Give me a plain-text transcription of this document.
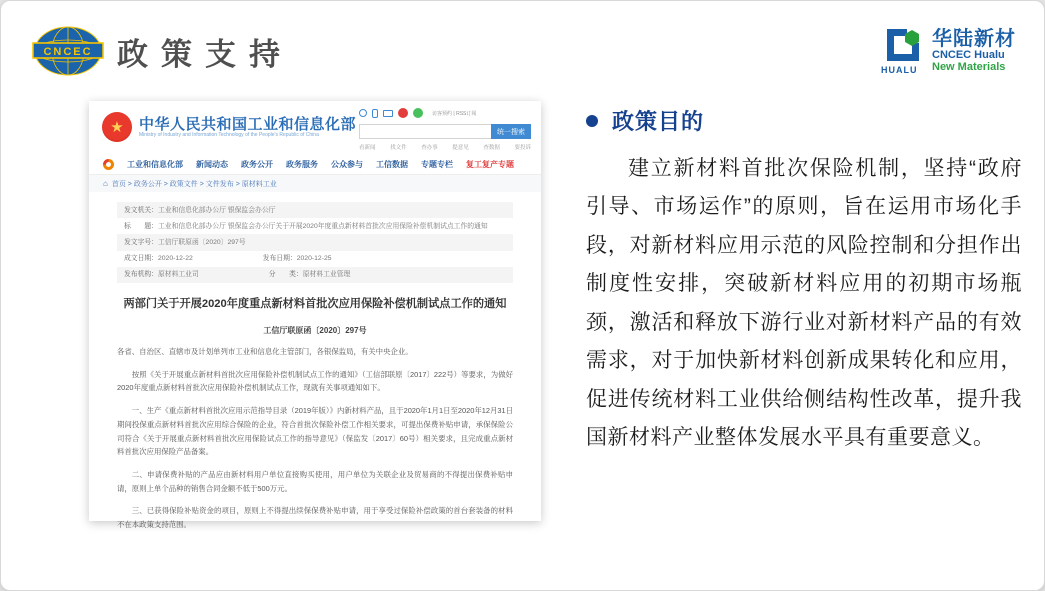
CNCEC 政策支持	HUALU
华陆新材
CNCEC Hualu
New Materials
★	中华人民共和国工业和信息化部
Ministry of Industry and Information Technology of the People's Republic of China
访客预约 | RSS订阅
统一搜索
看新闻	找文件	查办事	提意见	查数据	要投诉
工业和信息化部 新闻动态 政务公开 政务服务 公众参与 工信数据 专题专栏 复工复产专题
⌂ 首页 > 政务公开 > 政策文件 > 文件发布 > 原材料工业
发文机关： 工业和信息化部办公厅 银保监会办公厅
标　　题： 工业和信息化部办公厅 银保监会办公厅关于开展2020年度重点新材料首批次应用保险补偿机制试点工作的通知
发文字号： 工信厅联原函〔2020〕297号
成文日期： 2020-12-22	发布日期： 2020-12-25
发布机构： 原材料工业司	分　　类： 原材料工业管理
两部门关于开展2020年度重点新材料首批次应用保险补偿机制试点工作的通知
工信厅联原函〔2020〕297号
各省、自治区、直辖市及计划单列市工业和信息化主管部门，各银保监局，有关中央企业。
按照《关于开展重点新材料首批次应用保险补偿机制试点工作的通知》（工信部联原〔2017〕222号）等要求，为做好2020年度重点新材料首批次应用保险补偿机制试点工作，现就有关事项通知如下。
一、生产《重点新材料首批次应用示范指导目录（2019年版）》内新材料产品，且于2020年1月1日至2020年12月31日期间投保重点新材料首批次应用综合保险的企业，符合首批次保险补偿工作相关要求，可提出保费补贴申请，承保保险公司符合《关于开展重点新材料首批次应用保险试点工作的指导意见》（保监发〔2017〕60号）相关要求，且完成重点新材料首批次应用保险产品备案。
二、申请保费补贴的产品应由新材料用户单位直接购买使用，用户单位为关联企业及贸易商的不得提出保费补贴申请，原则上单个品种的销售合同金额不低于500万元。
三、已获得保险补贴资金的项目，原则上不得提出续保保费补贴申请，用于享受过保险补偿政策的首台套装备的材料不在本政策支持范围。
政策目的
建立新材料首批次保险机制，坚持“政府引导、市场运作”的原则，旨在运用市场化手段，对新材料应用示范的风险控制和分担作出制度性安排，突破新材料应用的初期市场瓶颈，激活和释放下游行业对新材料产品的有效需求，对于加快新材料创新成果转化和应用，促进传统材料工业供给侧结构性改革，提升我国新材料产业整体发展水平具有重要意义。
